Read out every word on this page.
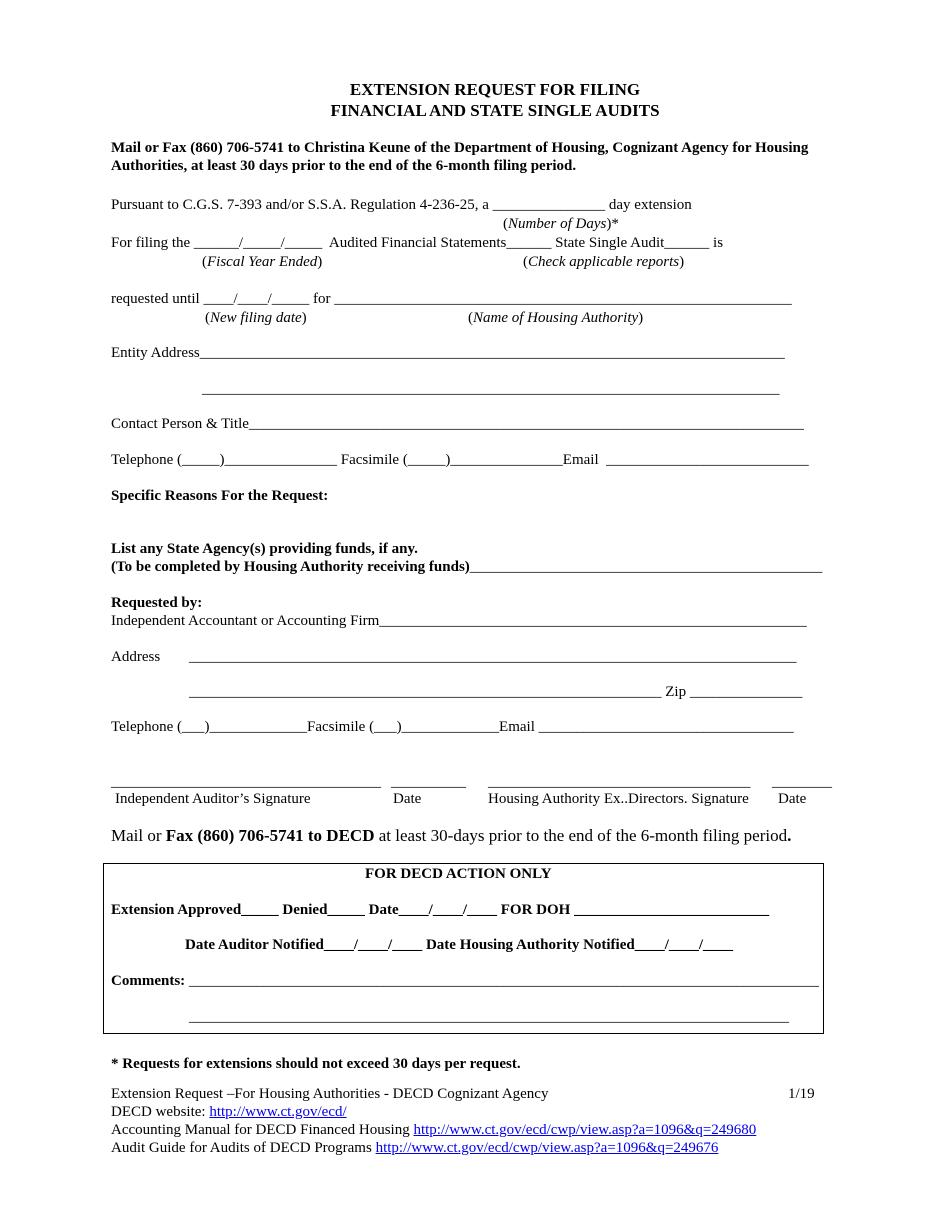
EXTENSION REQUEST FOR FILING
FINANCIAL AND STATE SINGLE AUDITS
Mail or Fax (860) 706-5741 to Christina Keune of the Department of Housing, Cognizant Agency for Housing
Authorities, at least 30 days prior to the end of the 6-month filing period.
Pursuant to C.G.S. 7-393 and/or S.S.A. Regulation 4-236-25, a _______________ day extension
(Number of Days)*
For filing the ______/_____/_____  Audited Financial Statements______ State Single Audit______ is
(Fiscal Year Ended)	(Check applicable reports)
requested until ____/____/_____ for _____________________________________________________________
(New filing date)	(Name of Housing Authority)
Entity Address______________________________________________________________________________
_____________________________________________________________________________
Contact Person & Title__________________________________________________________________________
Telephone (_____)_______________ Facsimile (_____)_______________Email  ___________________________
Specific Reasons For the Request:
List any State Agency(s) providing funds, if any.
(To be completed by Housing Authority receiving funds)_______________________________________________
Requested by:
Independent Accountant or Accounting Firm_________________________________________________________
Address _________________________________________________________________________________
_______________________________________________________________ Zip _______________
Telephone (___)_____________Facsimile (___)_____________Email __________________________________
____________________________________ __________ ___________________________________ ________
Independent Auditor’s Signature	Date	Housing Authority Ex..Directors. Signature Date
Mail or Fax (860) 706-5741 to DECD at least 30-days prior to the end of the 6-month filing period.
FOR DECD ACTION ONLY
Extension Approved_____ Denied_____ Date____/____/____ FOR DOH __________________________
Date Auditor Notified____/____/____ Date Housing Authority Notified____/____/____
Comments: ____________________________________________________________________________________
________________________________________________________________________________
* Requests for extensions should not exceed 30 days per request.
Extension Request –For Housing Authorities - DECD Cognizant Agency	1/19
DECD website: http://www.ct.gov/ecd/
Accounting Manual for DECD Financed Housing http://www.ct.gov/ecd/cwp/view.asp?a=1096&q=249680
Audit Guide for Audits of DECD Programs http://www.ct.gov/ecd/cwp/view.asp?a=1096&q=249676
